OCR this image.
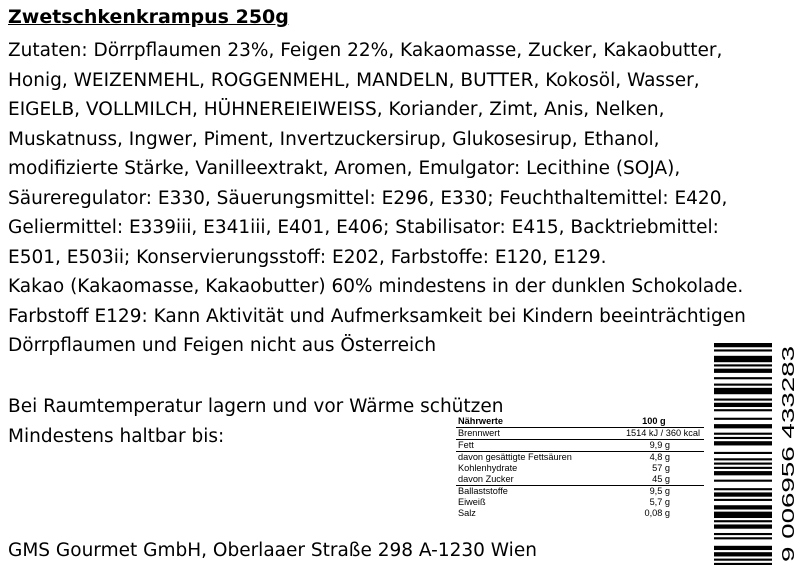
Zwetschkenkrampus 250g
Zutaten: Dörrpflaumen 23%, Feigen 22%, Kakaomasse, Zucker, Kakaobutter,
Honig, WEIZENMEHL, ROGGENMEHL, MANDELN, BUTTER, Kokosöl, Wasser,
EIGELB, VOLLMILCH, HÜHNEREIEIWEISS, Koriander, Zimt, Anis, Nelken,
Muskatnuss, Ingwer, Piment, Invertzuckersirup, Glukosesirup, Ethanol,
modifizierte Stärke, Vanilleextrakt, Aromen, Emulgator: Lecithine (SOJA),
Säureregulator: E330, Säuerungsmittel: E296, E330; Feuchthaltemittel: E420,
Geliermittel: E339iii, E341iii, E401, E406; Stabilisator: E415, Backtriebmittel:
E501, E503ii; Konservierungsstoff: E202, Farbstoffe: E120, E129.
Kakao (Kakaomasse, Kakaobutter) 60% mindestens in der dunklen Schokolade.
Farbstoff E129: Kann Aktivität und Aufmerksamkeit bei Kindern beeinträchtigen
Dörrpflaumen und Feigen nicht aus Österreich
Bei Raumtemperatur lagern und vor Wärme schützen
Mindestens haltbar bis:
Nährwerte	100 g
Brennwert	1514 kJ / 360 kcal
Fett	9,9 g
davon gesättigte Fettsäuren	4,8 g
Kohlenhydrate	57 g
davon Zucker	45 g
Ballaststoffe	9,5 g
Eiweiß	5,7 g
Salz	0,08 g	9 006956 433283
GMS Gourmet GmbH, Oberlaaer Straße 298 A-1230 Wien
